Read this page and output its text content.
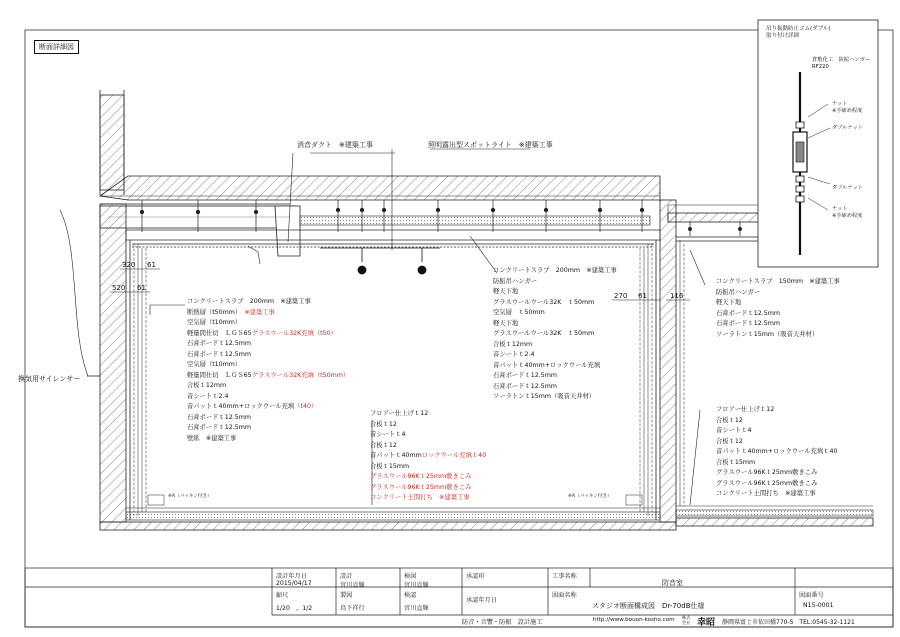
断面詳細図
吊り振動防止ゴム(ダブル)
取り付け詳細
倉敷化工　防振ハンガー
RF220
ナット
※手締め程度
ダブルナット
ダブルナット
ナット
※手締め程度
消音ダクト　※建築工事	照明露出型スポットライト　※建築工事
換気用サイレンサー
※A（パッキン付き）	※A（パッキン付き）
320 61
520 61
270 61	116
コンクリートスラブ　200mm　※建築工事
断熱層（t50mm）　※建築工事
空気層（t10mm）
軽量間仕切　ＬＧＳ65グラスウール32K充填（t50）
石膏ボードｔ12.5mm
石膏ボードｔ12.5mm
空気層（t10mm）
軽量間仕切　ＬＧＳ65グラスウール32K充填（t50mm）
合板ｔ12mm
音シートｔ2.4
音パットｔ40mm+ロックウール充填（t40）
石膏ボードｔ12.5mm
石膏ボードｔ12.5mm
壁紙　※建築工事
コンクリートスラブ　200mm　※建築工事
防振吊ハンガー
軽天下地
グラスウールウール32K　ｔ50mm
空気層　ｔ50mm
軽天下地
グラスウールウール32K　ｔ50mm
合板ｔ12mm
音シートｔ2.4
音パットｔ40mm+ロックウール充填
石膏ボードｔ12.5mm
石膏ボードｔ12.5mm
ソーラトンｔ15mm（吸音天井材）
フロアー仕上げｔ12
合板ｔ12
音シートｔ4
合板ｔ12
音パットｔ40mmロックウール充填ｔ40
合板ｔ15mm
グラスウール96Kｔ25mm敷きこみ
グラスウール96Kｔ25mm敷きこみ
コンクリート土間打ち　※建築工事
コンクリートスラブ　150mm　※建築工事
防振吊ハンガー
軽天下地
石膏ボードｔ12.5mm
石膏ボードｔ12.5mm
ソーラトンｔ15mm（吸音天井材）
フロアー仕上げｔ12
合板ｔ12
音シートｔ4
合板ｔ12
音パットｔ40mm+ロックウール充填ｔ40
合板ｔ15mm
グラスウール96Kｔ25mm敷きこみ
グラスウール96Kｔ25mm敷きこみ
コンクリート土間打ち　※建築工事
設計年月日
2015/04/17
設計
宮川直輝
検図
宮川直輝
承認印	工事名称
防音室
縮尺
1/20　，1/2
製図
鳥下祥行
検認
宮川直輝
承認年月日
図面名称
スタジオ断面構成図　Dr-70dB仕様
図面番号
N15-0001
防音・音響・防振　設計施工	http://www.bouon-kosho.com 株式
会社 幸昭 静岡県富士市依田橋770-5　TEL:0545-32-1121
